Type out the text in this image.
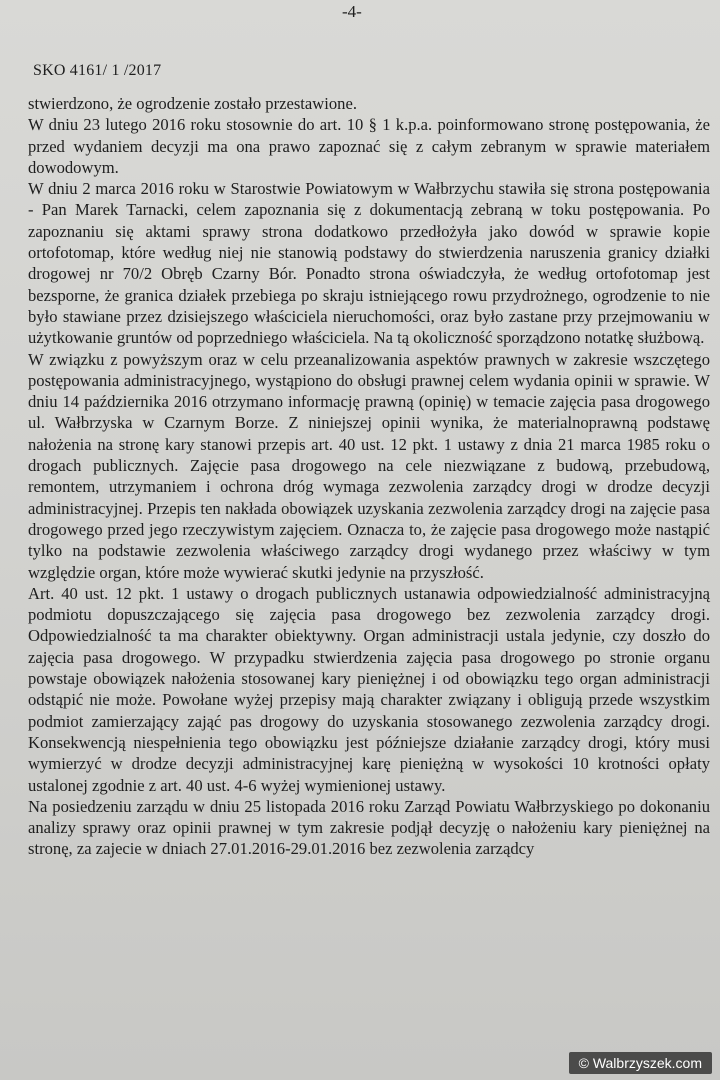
-4-
SKO 4161/ 1 /2017

stwierdzono, że ogrodzenie zostało przestawione.

W dniu 23 lutego 2016 roku stosownie do art. 10 § 1 k.p.a. poinformowano stronę postępowania, że przed wydaniem decyzji ma ona prawo zapoznać się z całym zebranym w sprawie materiałem dowodowym.

W dniu 2 marca 2016 roku w Starostwie Powiatowym w Wałbrzychu stawiła się strona postępowania - Pan Marek Tarnacki, celem zapoznania się z dokumentacją zebraną w toku postępowania. Po zapoznaniu się aktami sprawy strona dodatkowo przedłożyła jako dowód w sprawie kopie ortofotomap, które według niej nie stanowią podstawy do stwierdzenia naruszenia granicy działki drogowej nr 70/2 Obręb Czarny Bór. Ponadto strona oświadczyła, że według ortofotomap jest bezsporne, że granica działek przebiega po skraju istniejącego rowu przydrożnego, ogrodzenie to nie było stawiane przez dzisiejszego właściciela nieruchomości, oraz było zastane przy przejmowaniu w użytkowanie gruntów od poprzedniego właściciela. Na tą okoliczność sporządzono notatkę służbową.

W związku z powyższym oraz w celu przeanalizowania aspektów prawnych w zakresie wszczętego postępowania administracyjnego, wystąpiono do obsługi prawnej celem wydania opinii w sprawie. W dniu 14 października 2016 otrzymano informację prawną (opinię) w temacie zajęcia pasa drogowego ul. Wałbrzyska w Czarnym Borze. Z niniejszej opinii wynika, że materialnoprawną podstawę nałożenia na stronę kary stanowi przepis art. 40 ust. 12 pkt. 1 ustawy z dnia 21 marca 1985 roku o drogach publicznych. Zajęcie pasa drogowego na cele niezwiązane z budową, przebudową, remontem, utrzymaniem i ochrona dróg wymaga zezwolenia zarządcy drogi w drodze decyzji administracyjnej. Przepis ten nakłada obowiązek uzyskania zezwolenia zarządcy drogi na zajęcie pasa drogowego przed jego rzeczywistym zajęciem. Oznacza to, że zajęcie pasa drogowego może nastąpić tylko na podstawie zezwolenia właściwego zarządcy drogi wydanego przez właściwy w tym względzie organ, które może wywierać skutki jedynie na przyszłość.

Art. 40 ust. 12 pkt. 1 ustawy o drogach publicznych ustanawia odpowiedzialność administracyjną podmiotu dopuszczającego się zajęcia pasa drogowego bez zezwolenia zarządcy drogi. Odpowiedzialność ta ma charakter obiektywny. Organ administracji ustala jedynie, czy doszło do zajęcia pasa drogowego. W przypadku stwierdzenia zajęcia pasa drogowego po stronie organu powstaje obowiązek nałożenia stosowanej kary pieniężnej i od obowiązku tego organ administracji odstąpić nie może. Powołane wyżej przepisy mają charakter związany i obligują przede wszystkim podmiot zamierzający zająć pas drogowy do uzyskania stosowanego zezwolenia zarządcy drogi. Konsekwencją niespełnienia tego obowiązku jest późniejsze działanie zarządcy drogi, który musi wymierzyć w drodze decyzji administracyjnej karę pieniężną w wysokości 10 krotności opłaty ustalonej zgodnie z art. 40 ust. 4-6 wyżej wymienionej ustawy.

Na posiedzeniu zarządu w dniu 25 listopada 2016 roku Zarząd Powiatu Wałbrzyskiego po dokonaniu analizy sprawy oraz opinii prawnej w tym zakresie podjął decyzję o nałożeniu kary pieniężnej na stronę, za zajecie w dniach 27.01.2016-29.01.2016 bez zezwolenia zarządcy

© Walbrzyszek.com
